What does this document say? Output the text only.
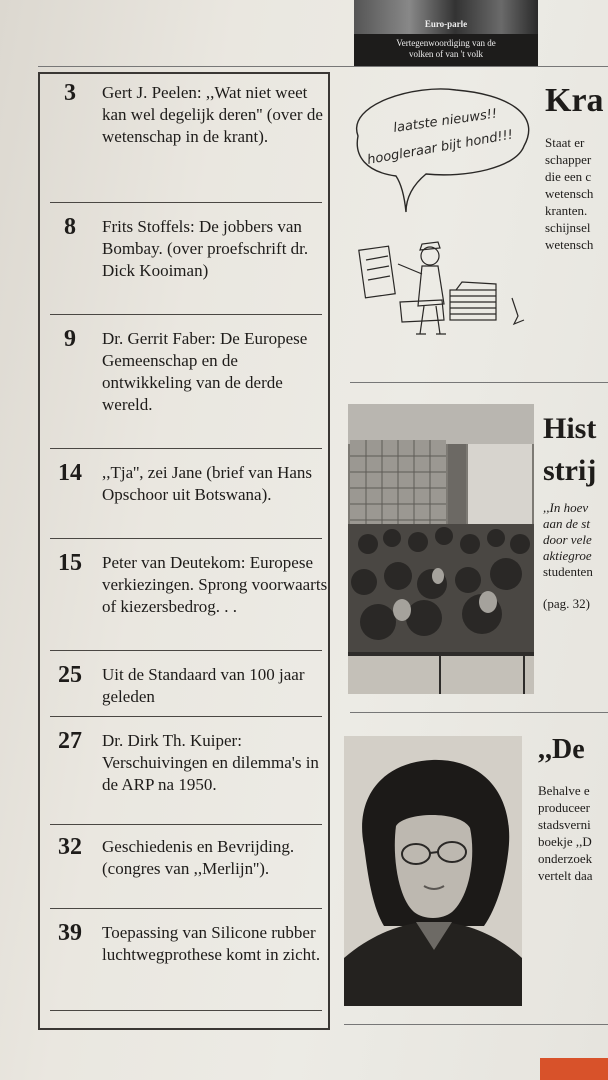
Euro-parle
Vertegenwoordiging van de
volken of van 't volk
3	Gert J. Peelen: ,,Wat niet weet kan wel degelijk deren'' (over de wetenschap in de krant).
8	Frits Stoffels: De jobbers van Bombay. (over proefschrift dr. Dick Kooiman)
9	Dr. Gerrit Faber: De Europese Gemeenschap en de ontwikkeling van de derde wereld.
14	,,Tja'', zei Jane (brief van Hans Opschoor uit Botswana).
15	Peter van Deutekom: Europese verkiezingen. Sprong voorwaarts of kiezersbedrog. . .
25	Uit de Standaard van 100 jaar geleden
27	Dr. Dirk Th. Kuiper: Verschuivingen en dilemma's in de ARP na 1950.
32	Geschiedenis en Bevrijding. (congres van ,,Merlijn'').
39	Toepassing van Silicone rubber luchtwegprothese komt in zicht.
laatste nieuws!!
hoogleraar bijt hond!!!
Kra
Staat er
schapper
die een c
wetensch
kranten.
schijnsel
wetensch
Hist
strij
,,In hoev
aan de st
door vele
aktiegroe
studenten
(pag. 32)
,,De
Behalve e
produceer
stadsverni
boekje ,,D
onderzoek
vertelt daa
